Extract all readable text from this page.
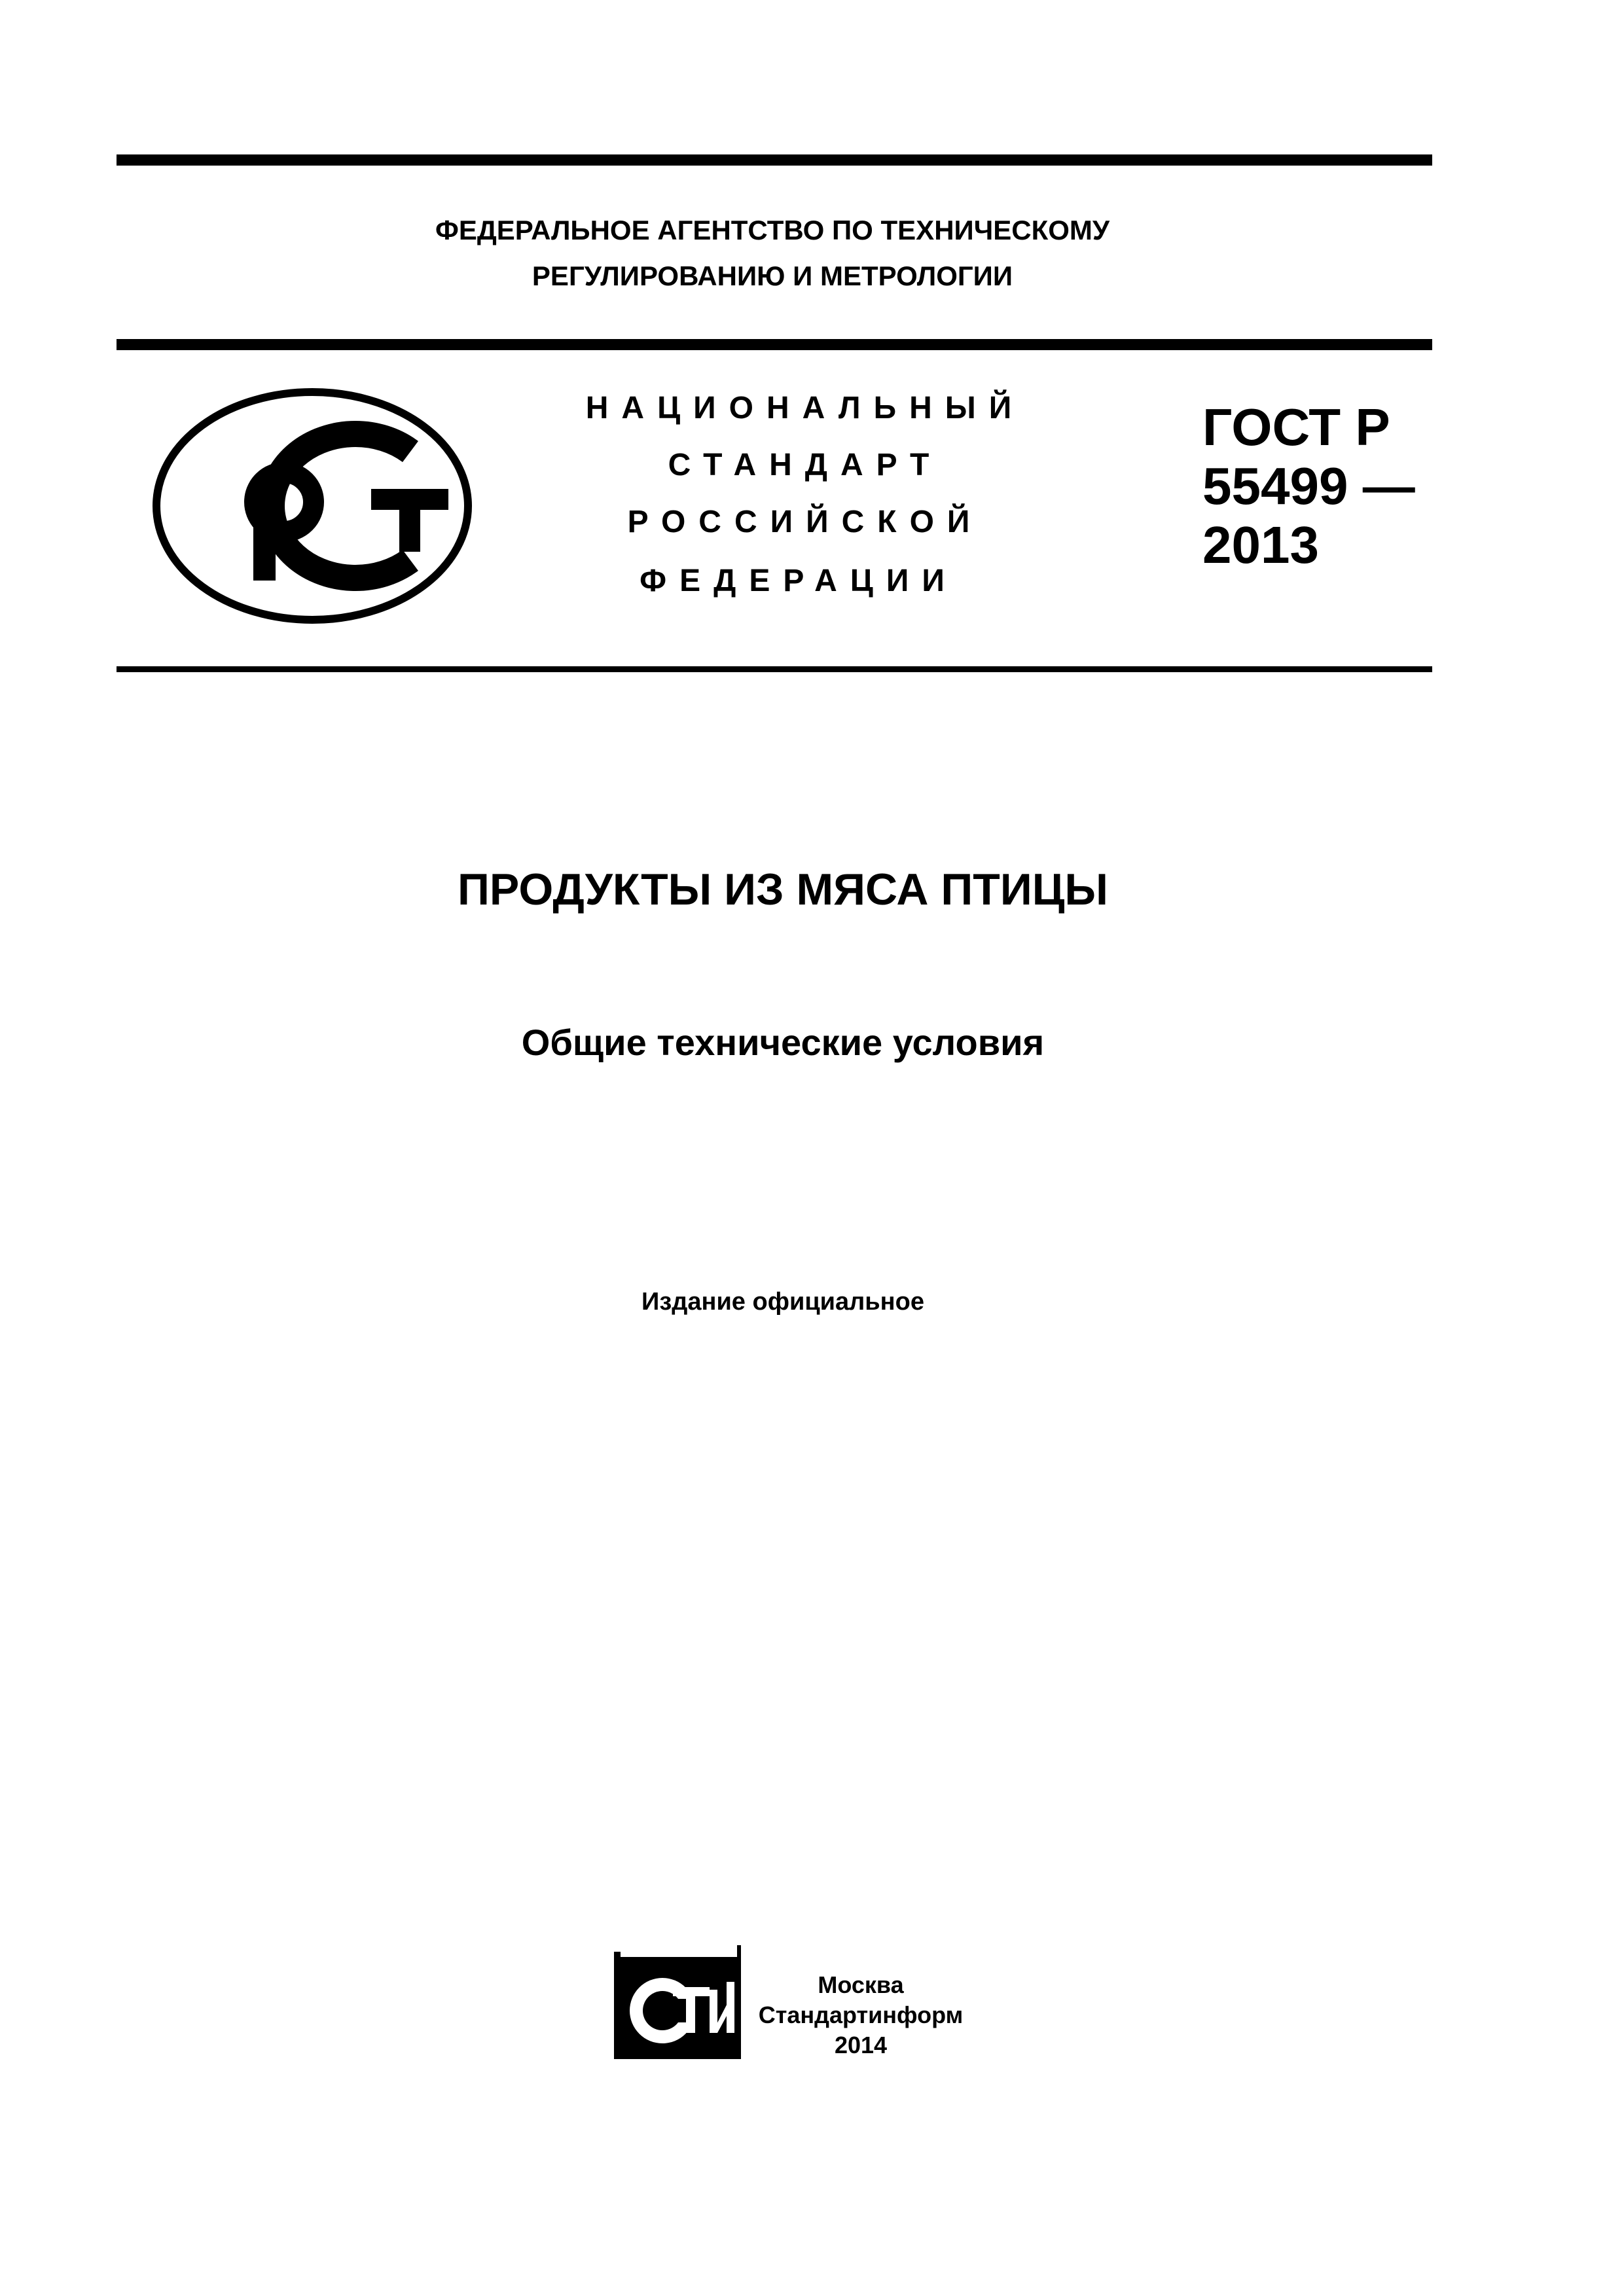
ФЕДЕРАЛЬНОЕ АГЕНТСТВО ПО ТЕХНИЧЕСКОМУ
РЕГУЛИРОВАНИЮ И МЕТРОЛОГИИ
НАЦИОНАЛЬНЫЙ
СТАНДАРТ
РОССИЙСКОЙ
ФЕДЕРАЦИИ
ГОСТ Р
55499 —
2013
ПРОДУКТЫ ИЗ МЯСА ПТИЦЫ
Общие технические условия
Издание официальное
Москва
Стандартинформ
2014
